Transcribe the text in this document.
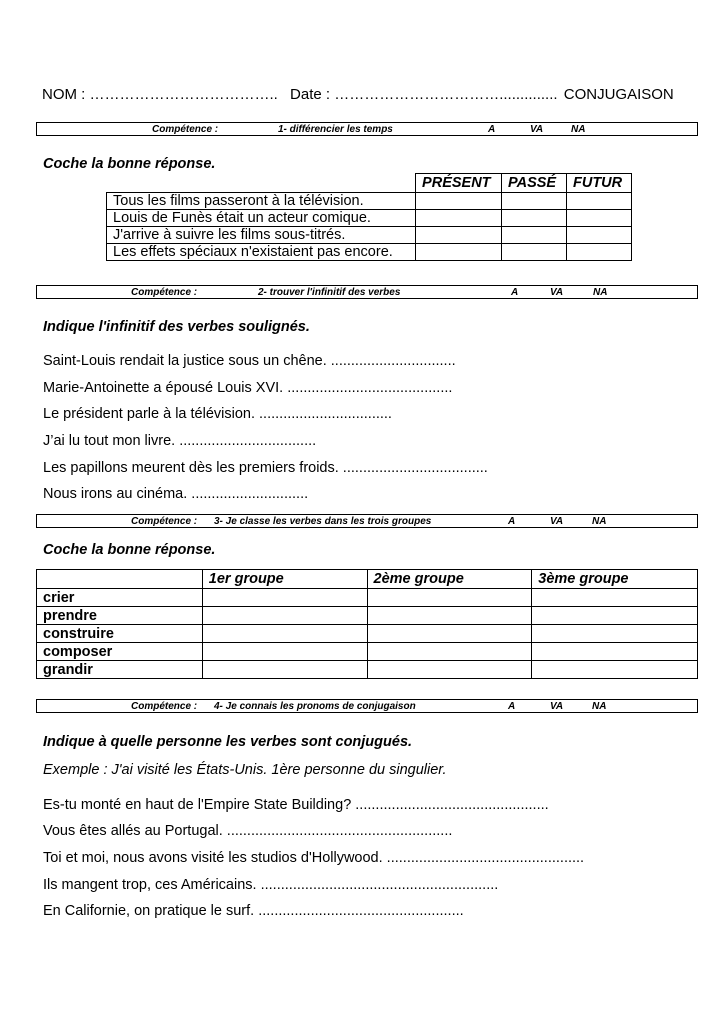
NOM : ……………………………….. Date : …………………………….............. CONJUGAISON
Compétence :	1- différencier les temps	A	VA	NA
Coche la bonne réponse.
	PRÉSENT	PASSÉ	FUTUR
Tous les films passeront à la télévision.			
Louis de Funès était un acteur comique.			
J'arrive à suivre les films sous-titrés.			
Les effets spéciaux n'existaient pas encore.			
Compétence :	2- trouver l'infinitif des verbes	A	VA	NA
Indique l'infinitif des verbes soulignés.
Saint-Louis rendait la justice sous un chêne. ...............................
Marie-Antoinette a épousé Louis XVI. .........................................
Le président parle à la télévision. .................................
J’ai lu tout mon livre. ..................................
Les papillons meurent dès les premiers froids. ....................................
Nous irons au cinéma. .............................
Compétence : 3- Je classe les verbes dans les trois groupes	A	VA	NA
Coche la bonne réponse.
	1er groupe	2ème groupe	3ème groupe
crier			
prendre			
construire			
composer			
grandir			
Compétence : 4- Je connais les pronoms de conjugaison	A	VA	NA
Indique à quelle personne les verbes sont conjugués.
Exemple : J'ai visité les États-Unis. 1ère personne du singulier.
Es-tu monté en haut de l'Empire State Building? ................................................
Vous êtes allés au Portugal. ........................................................
Toi et moi, nous avons visité les studios d'Hollywood. .................................................
Ils mangent trop, ces Américains. ...........................................................
En Californie, on pratique le surf. ...................................................
